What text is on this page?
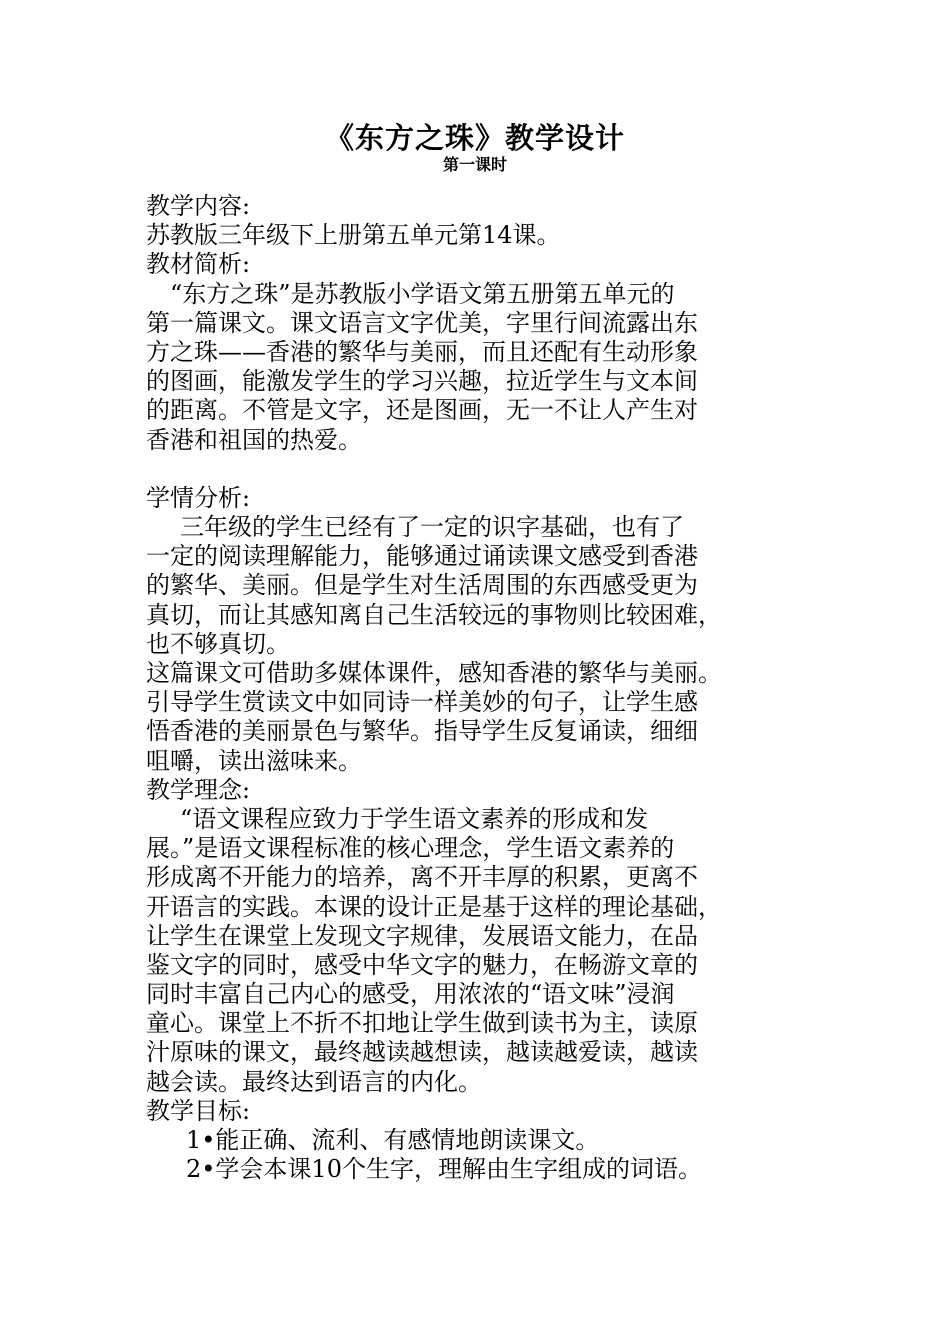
《东方之珠》教学设计
第一课时
教学内容:
苏教版三年级下上册第五单元第14课。
教材简析:
“东方之珠”是苏教版小学语文第五册第五单元的
第一篇课文。课文语言文字优美，字里行间流露出东
方之珠——香港的繁华与美丽，而且还配有生动形象
的图画，能激发学生的学习兴趣，拉近学生与文本间
的距离。不管是文字，还是图画，无一不让人产生对
香港和祖国的热爱。
学情分析:
三年级的学生已经有了一定的识字基础，也有了
一定的阅读理解能力，能够通过诵读课文感受到香港
的繁华、美丽。但是学生对生活周围的东西感受更为
真切，而让其感知离自己生活较远的事物则比较困难，
也不够真切。
这篇课文可借助多媒体课件，感知香港的繁华与美丽。
引导学生赏读文中如同诗一样美妙的句子，让学生感
悟香港的美丽景色与繁华。指导学生反复诵读，细细
咀嚼，读出滋味来。
教学理念:
“语文课程应致力于学生语文素养的形成和发
展。”是语文课程标准的核心理念，学生语文素养的
形成离不开能力的培养，离不开丰厚的积累，更离不
开语言的实践。本课的设计正是基于这样的理论基础，
让学生在课堂上发现文字规律，发展语文能力，在品
鉴文字的同时，感受中华文字的魅力，在畅游文章的
同时丰富自己内心的感受，用浓浓的“语文味”浸润
童心。课堂上不折不扣地让学生做到读书为主，读原
汁原味的课文，最终越读越想读，越读越爱读，越读
越会读。最终达到语言的内化。
教学目标:
1•能正确、流利、有感情地朗读课文。
2•学会本课10个生字，理解由生字组成的词语。
